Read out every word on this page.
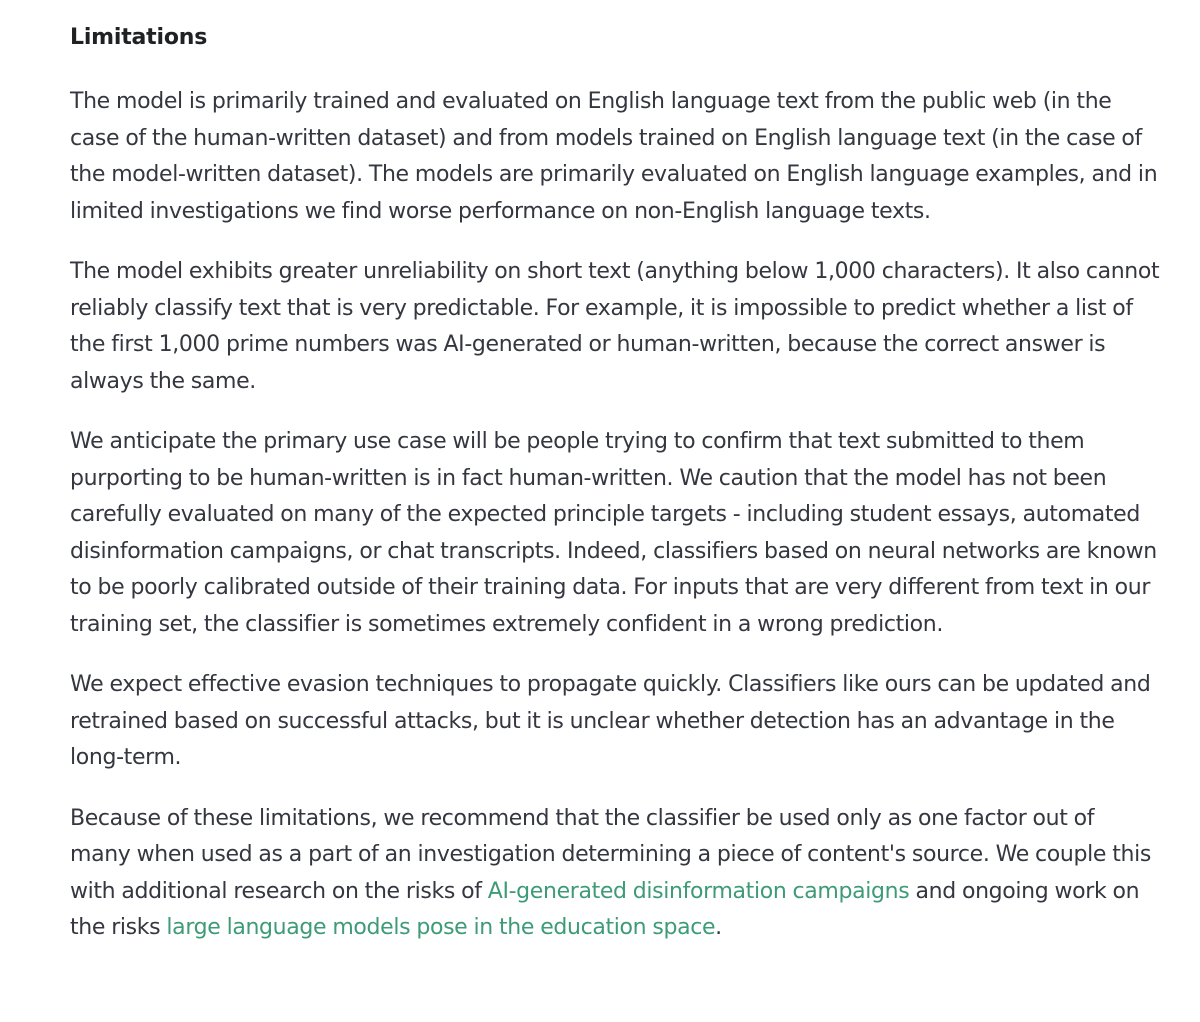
Limitations

The model is primarily trained and evaluated on English language text from the public web (in the case of the human-written dataset) and from models trained on English language text (in the case of the model-written dataset). The models are primarily evaluated on English language examples, and in limited investigations we find worse performance on non-English language texts.

The model exhibits greater unreliability on short text (anything below 1,000 characters). It also cannot reliably classify text that is very predictable. For example, it is impossible to predict whether a list of the first 1,000 prime numbers was AI-generated or human-written, because the correct answer is always the same.

We anticipate the primary use case will be people trying to confirm that text submitted to them purporting to be human-written is in fact human-written. We caution that the model has not been carefully evaluated on many of the expected principle targets - including student essays, automated disinformation campaigns, or chat transcripts. Indeed, classifiers based on neural networks are known to be poorly calibrated outside of their training data. For inputs that are very different from text in our training set, the classifier is sometimes extremely confident in a wrong prediction.

We expect effective evasion techniques to propagate quickly. Classifiers like ours can be updated and retrained based on successful attacks, but it is unclear whether detection has an advantage in the long-term.

Because of these limitations, we recommend that the classifier be used only as one factor out of many when used as a part of an investigation determining a piece of content's source. We couple this with additional research on the risks of AI-generated disinformation campaigns and ongoing work on the risks large language models pose in the education space.
